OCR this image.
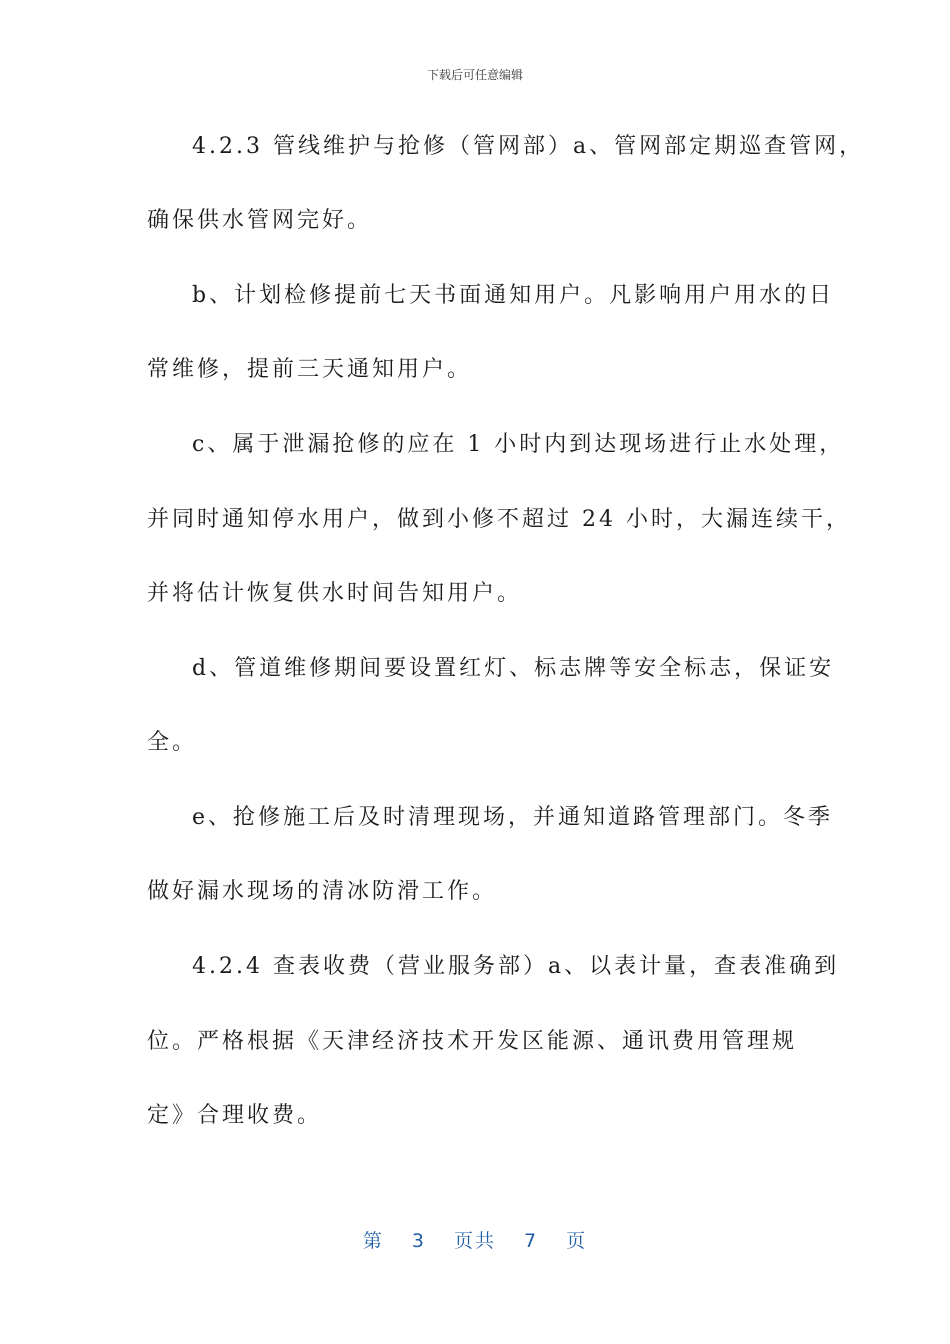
下载后可任意编辑
4.2.3 管线维护与抢修（管网部）a、管网部定期巡查管网，
确保供水管网完好。
b、计划检修提前七天书面通知用户。凡影响用户用水的日
常维修，提前三天通知用户。
c、属于泄漏抢修的应在 1 小时内到达现场进行止水处理，
并同时通知停水用户，做到小修不超过 24 小时，大漏连续干，
并将估计恢复供水时间告知用户。
d、管道维修期间要设置红灯、标志牌等安全标志，保证安
全。
e、抢修施工后及时清理现场，并通知道路管理部门。冬季
做好漏水现场的清冰防滑工作。
4.2.4 查表收费（营业服务部）a、以表计量，查表准确到
位。严格根据《天津经济技术开发区能源、通讯费用管理规
定》合理收费。
第 3 页共 7 页
